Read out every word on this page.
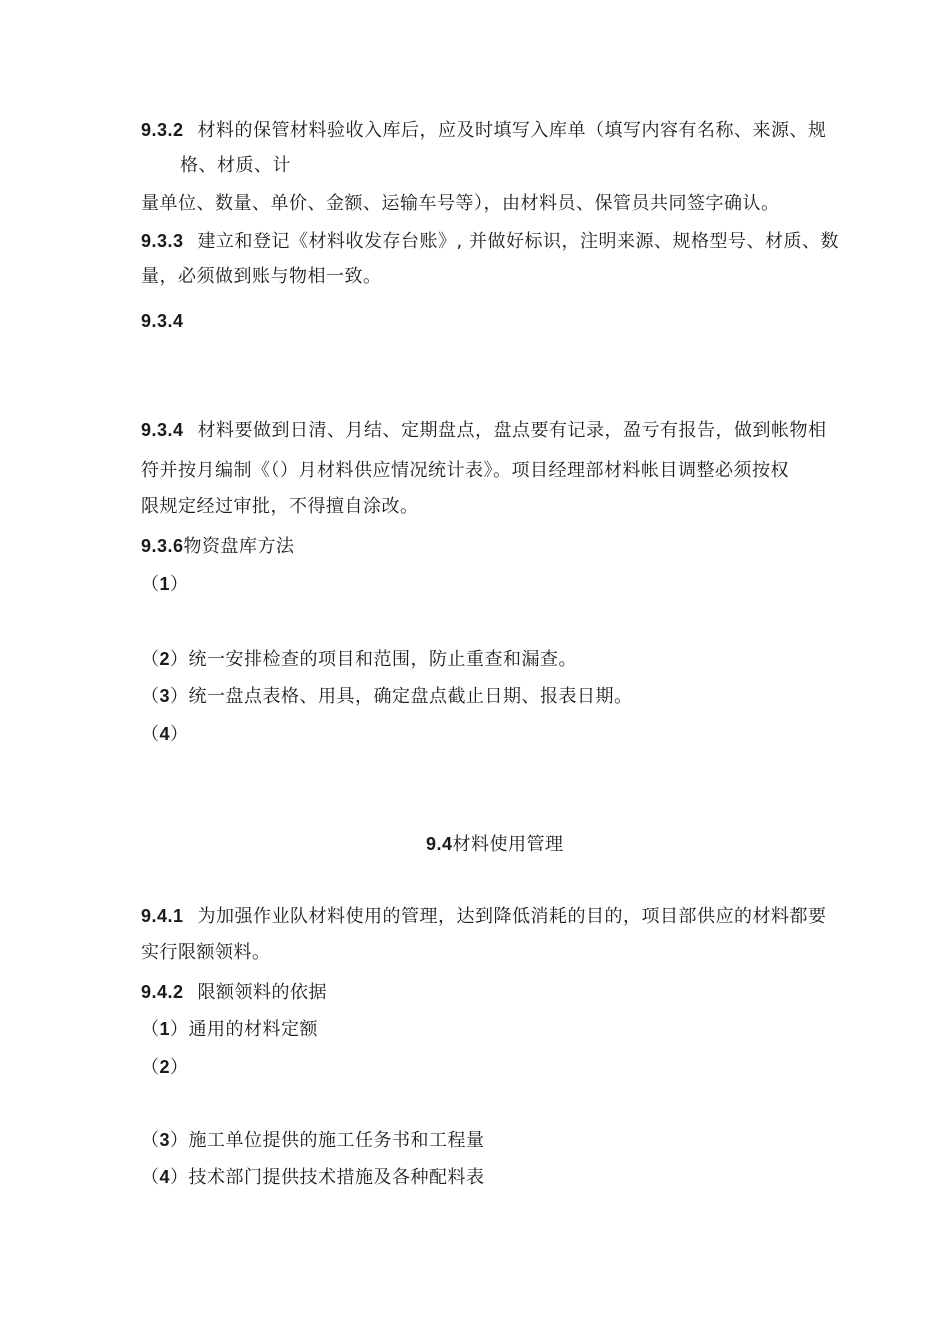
9.3.2 材料的保管材料验收入库后，应及时填写入库单（填写内容有名称、来源、规
格、材质、计
量单位、数量、单价、金额、运输车号等），由材料员、保管员共同签字确认。
9.3.3 建立和登记《材料收发存台账》, 并做好标识，注明来源、规格型号、材质、数
量，必须做到账与物相一致。
9.3.4
9.3.4 材料要做到日清、月结、定期盘点，盘点要有记录，盈亏有报告，做到帐物相
符并按月编制《（）月材料供应情况统计表》。项目经理部材料帐目调整必须按权
限规定经过审批，不得擅自涂改。
9.3.6物资盘库方法
（1）
（2）统一安排检查的项目和范围，防止重查和漏查。
（3）统一盘点表格、用具，确定盘点截止日期、报表日期。
（4）
9.4材料使用管理
9.4.1 为加强作业队材料使用的管理，达到降低消耗的目的，项目部供应的材料都要
实行限额领料。
9.4.2 限额领料的依据
（1）通用的材料定额
（2）
（3）施工单位提供的施工任务书和工程量
（4）技术部门提供技术措施及各种配料表
